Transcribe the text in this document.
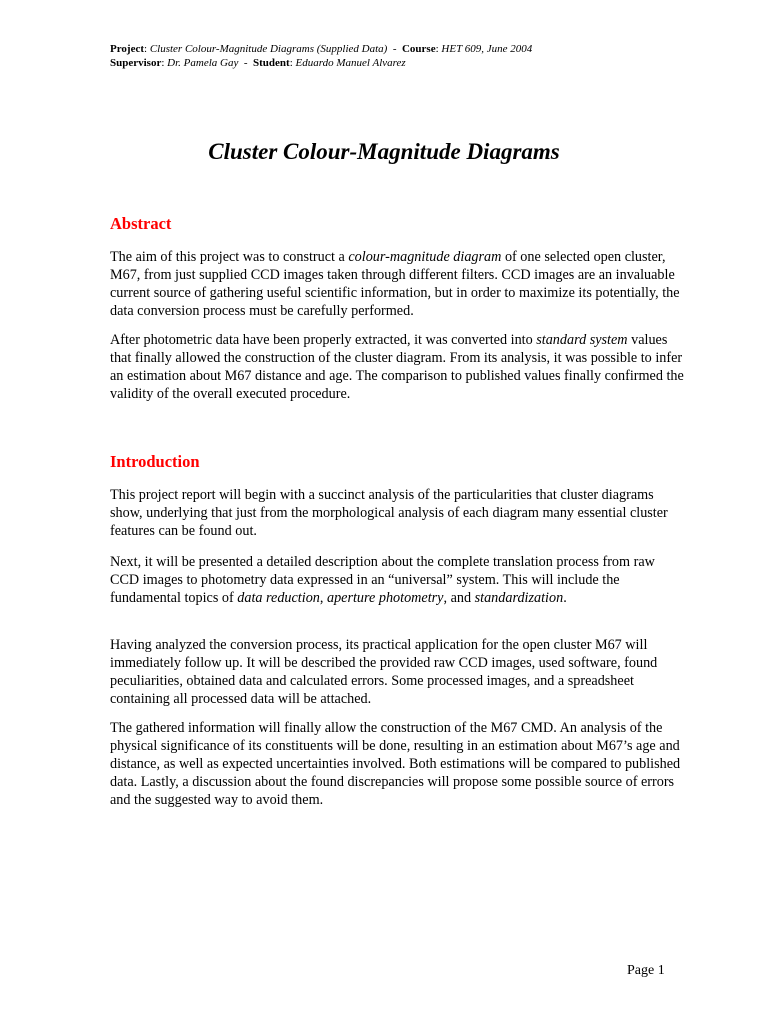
Project: Cluster Colour-Magnitude Diagrams (Supplied Data)  -  Course: HET 609, June 2004
Supervisor: Dr. Pamela Gay  -  Student: Eduardo Manuel Alvarez
Cluster Colour-Magnitude Diagrams
Abstract

The aim of this project was to construct a colour-magnitude diagram of one selected open cluster, M67, from just supplied CCD images taken through different filters. CCD images are an invaluable current source of gathering useful scientific information, but in order to maximize its potentially, the data conversion process must be carefully performed.

After photometric data have been properly extracted, it was converted into standard system values that finally allowed the construction of the cluster diagram. From its analysis, it was possible to infer an estimation about M67 distance and age. The comparison to published values finally confirmed the validity of the overall executed procedure.

Introduction

This project report will begin with a succinct analysis of the particularities that cluster diagrams show, underlying that just from the morphological analysis of each diagram many essential cluster features can be found out.

Next, it will be presented a detailed description about the complete translation process from raw CCD images to photometry data expressed in an “universal” system. This will include the fundamental topics of data reduction, aperture photometry, and standardization.

Having analyzed the conversion process, its practical application for the open cluster M67 will immediately follow up. It will be described the provided raw CCD images, used software, found peculiarities, obtained data and calculated errors. Some processed images, and a spreadsheet containing all processed data will be attached.

The gathered information will finally allow the construction of the M67 CMD. An analysis of the physical significance of its constituents will be done, resulting in an estimation about M67’s age and distance, as well as expected uncertainties involved. Both estimations will be compared to published data. Lastly, a discussion about the found discrepancies will propose some possible source of errors and the suggested way to avoid them.

Page 1
